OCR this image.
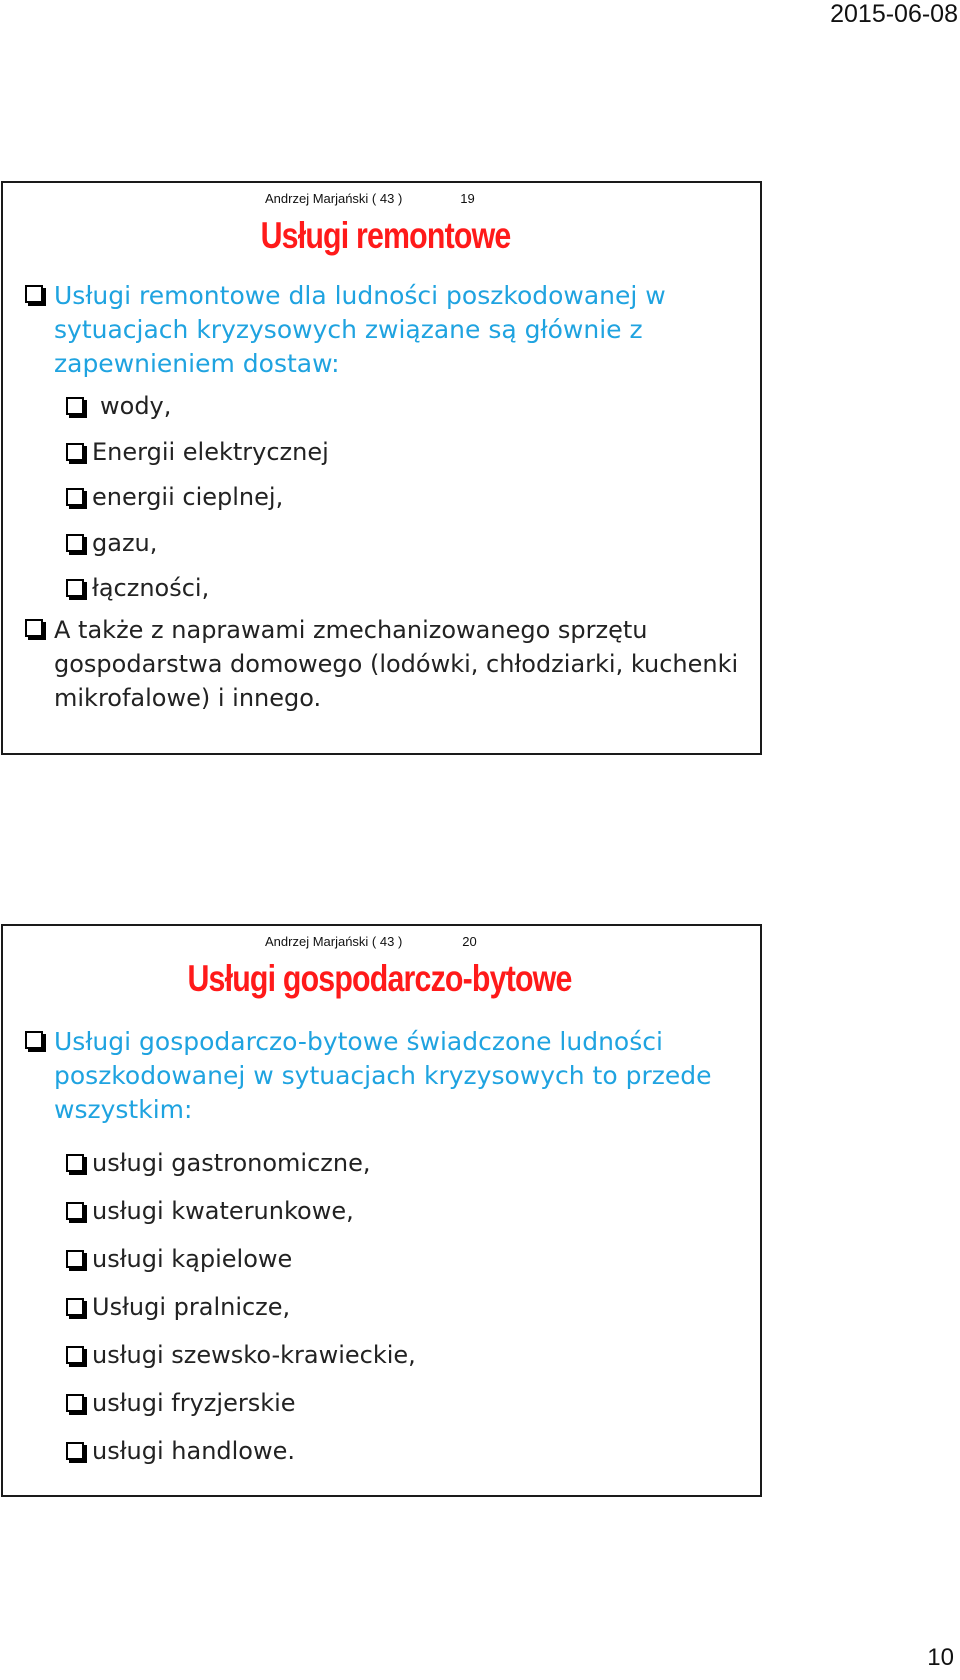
2015-06-08
Andrzej Marjański ( 43 )	19
Usługi remontowe
Usługi remontowe dla ludności poszkodowanej w sytuacjach kryzysowych związane są głównie z zapewnieniem dostaw:
wody,
Energii elektrycznej
energii cieplnej,
gazu,
łączności,
A także z naprawami zmechanizowanego sprzętu gospodarstwa domowego (lodówki, chłodziarki, kuchenki mikrofalowe) i innego.
Andrzej Marjański ( 43 )	20
Usługi gospodarczo-bytowe
Usługi gospodarczo-bytowe świadczone ludności poszkodowanej w sytuacjach kryzysowych to przede wszystkim:
usługi gastronomiczne,
usługi kwaterunkowe,
usługi kąpielowe
Usługi pralnicze,
usługi szewsko-krawieckie,
usługi fryzjerskie
usługi handlowe.
10
